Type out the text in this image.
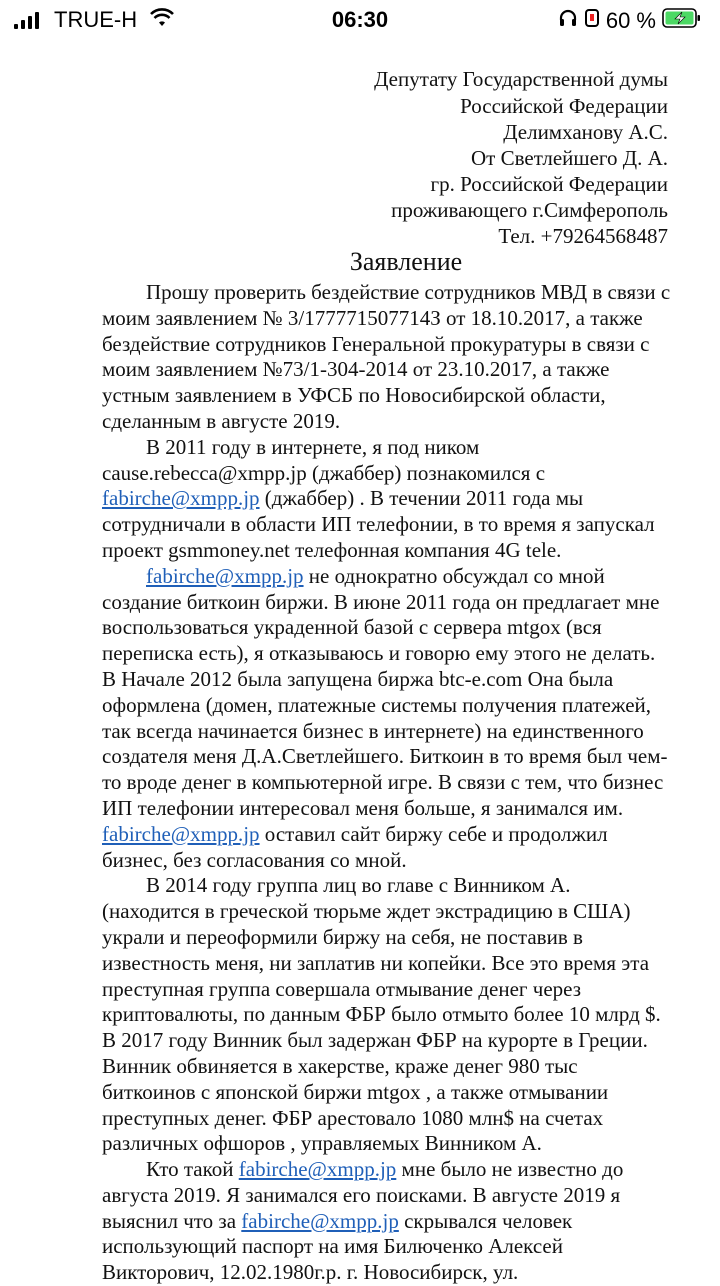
TRUE-H	06:30	60 %
Депутату Государственной думы
Российской Федерации
Делимханову А.С.
От Светлейшего Д. А.
гр. Российской Федерации
проживающего г.Симферополь
Тел. +79264568487
Заявление

Прошу проверить бездействие сотрудников МВД в связи с моим заявлением № 3/177771507714З от 18.10.2017, а также бездействие сотрудников Генеральной прокуратуры в связи с моим заявлением №73/1-304-2014 от 23.10.2017, а также устным заявлением в УФСБ по Новосибирской области, сделанным в августе 2019.

В 2011 году в интернете, я под ником cause.rebecca@xmpp.jp (джаббер) познакомился с fabirche@xmpp.jp (джаббер) . В течении 2011 года мы сотрудничали в области ИП телефонии, в то время я запускал проект gsmmoney.net телефонная компания 4G tele.

fabirche@xmpp.jp не однократно обсуждал со мной создание биткоин биржи. В июне 2011 года он предлагает мне воспользоваться украденной базой с сервера mtgox (вся переписка есть), я отказываюсь и говорю ему этого не делать. В Начале 2012 была запущена биржа btc-e.com Она была оформлена (домен, платежные системы получения платежей, так всегда начинается бизнес в интернете) на единственного создателя меня Д.А.Светлейшего. Биткоин в то время был чем-то вроде денег в компьютерной игре. В связи с тем, что бизнес ИП телефонии интересовал меня больше, я занимался им. fabirche@xmpp.jp оставил сайт биржу себе и продолжил бизнес, без согласования со мной.

В 2014 году группа лиц во главе с Винником А. (находится в греческой тюрьме ждет экстрадицию в США) украли и переоформили биржу на себя, не поставив в известность меня, ни заплатив ни копейки. Все это время эта преступная группа совершала отмывание денег через криптовалюты, по данным ФБР было отмыто более 10 млрд $. В 2017 году Винник был задержан ФБР на курорте в Греции. Винник обвиняется в хакерстве, краже денег 980 тыс биткоинов с японской биржи mtgox , а также отмывании преступных денег. ФБР арестовало 1080 млн$ на счетах различных офшоров , управляемых Винником А.

Кто такой fabirche@xmpp.jp мне было не известно до августа 2019. Я занимался его поисками. В августе 2019 я выяснил что за fabirche@xmpp.jp скрывался человек использующий паспорт на имя Билюченко Алексей Викторович, 12.02.1980г.р. г. Новосибирск, ул.
